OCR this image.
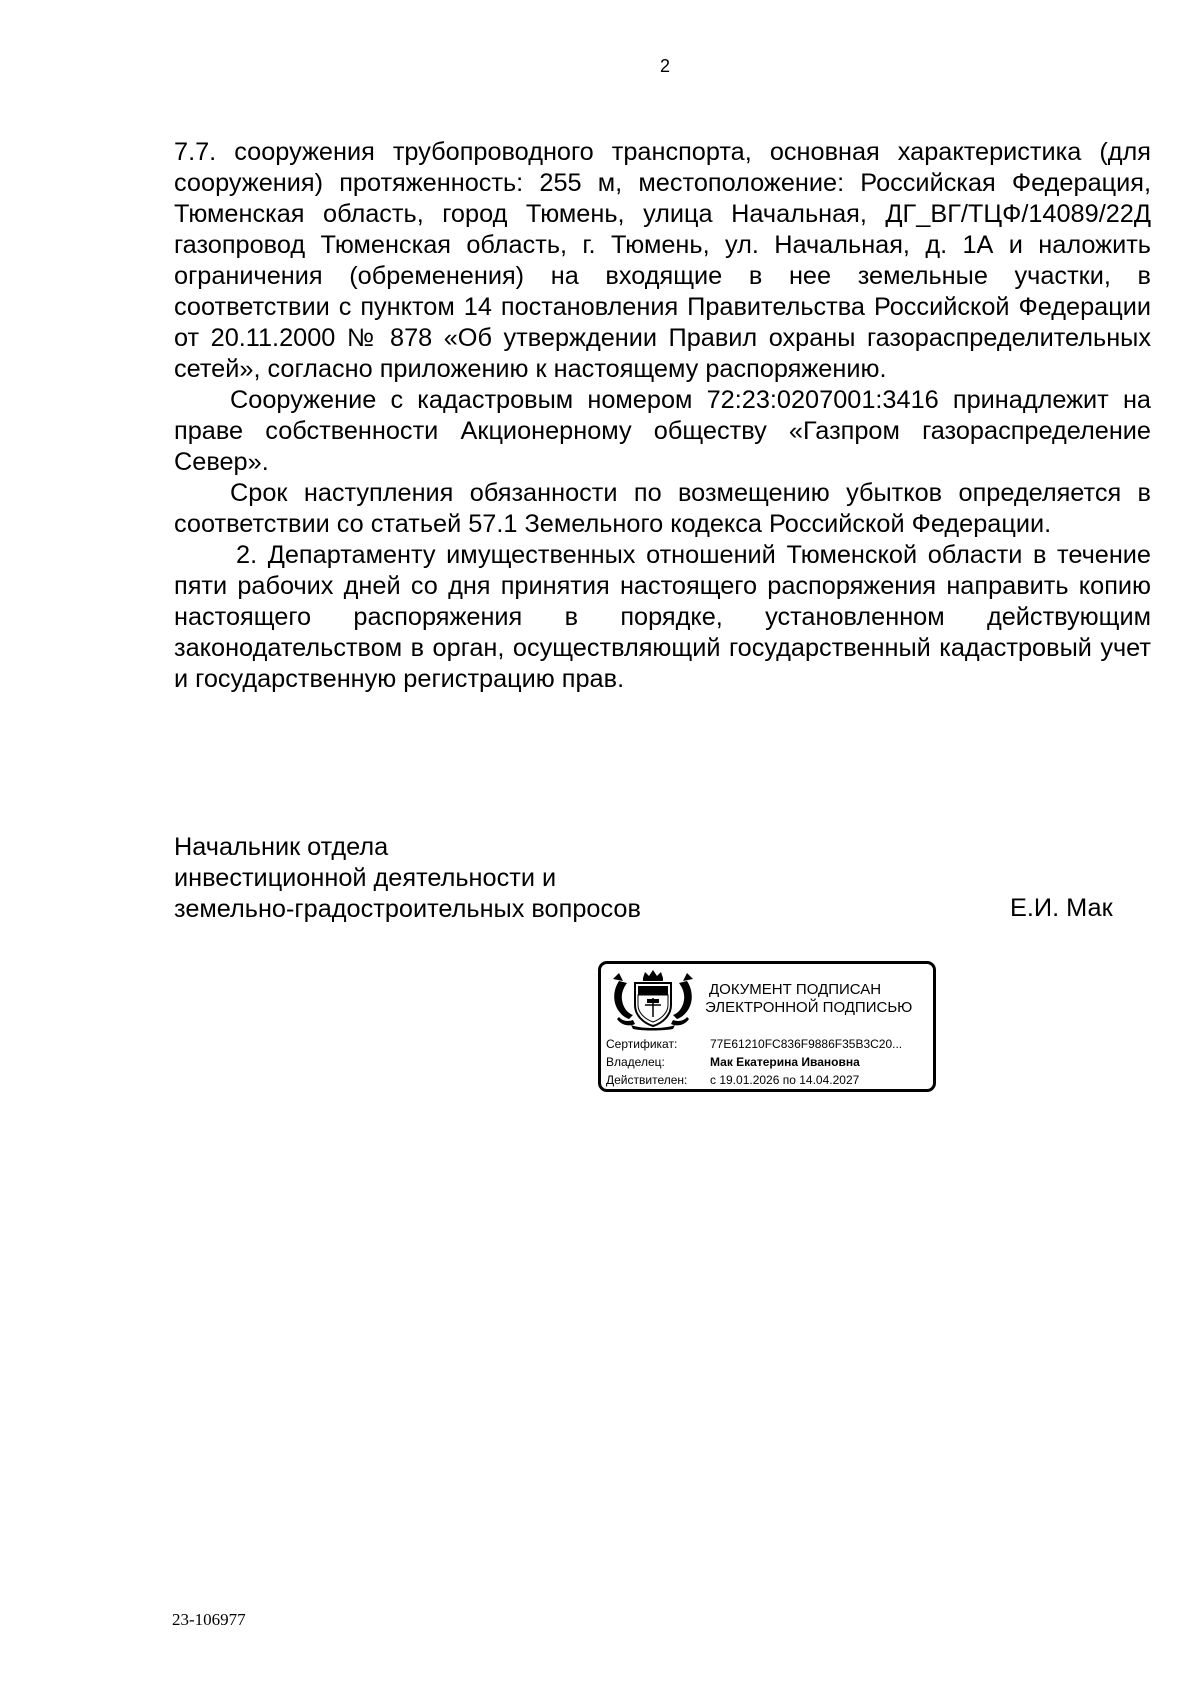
2

7.7. сооружения трубопроводного транспорта, основная характеристика (для сооружения) протяженность: 255 м, местоположение: Российская Федерация, Тюменская область, город Тюмень, улица Начальная, ДГ_ВГ/ТЦФ/14089/22Д газопровод Тюменская область, г. Тюмень, ул. Начальная, д. 1А и наложить ограничения (обременения) на входящие в нее земельные участки, в соответствии с пунктом 14 постановления Правительства Российской Федерации от 20.11.2000 № 878 «Об утверждении Правил охраны газораспределительных сетей», согласно приложению к настоящему распоряжению.

Сооружение с кадастровым номером 72:23:0207001:3416 принадлежит на праве собственности Акционерному обществу «Газпром газораспределение Север».

Срок наступления обязанности по возмещению убытков определяется в соответствии со статьей 57.1 Земельного кодекса Российской Федерации.

2. Департаменту имущественных отношений Тюменской области в течение пяти рабочих дней со дня принятия настоящего распоряжения направить копию настоящего распоряжения в порядке, установленном действующим законодательством в орган, осуществляющий государственный кадастровый учет и государственную регистрацию прав.

Начальник отдела
инвестиционной деятельности и
земельно-градостроительных вопросов	Е.И. Мак
ДОКУМЕНТ ПОДПИСАН
ЭЛЕКТРОННОЙ ПОДПИСЬЮ
Сертификат:	77E61210FC836F9886F35B3C20...
Владелец:	Мак Екатерина Ивановна
Действителен:	с 19.01.2026 по 14.04.2027
23-106977
